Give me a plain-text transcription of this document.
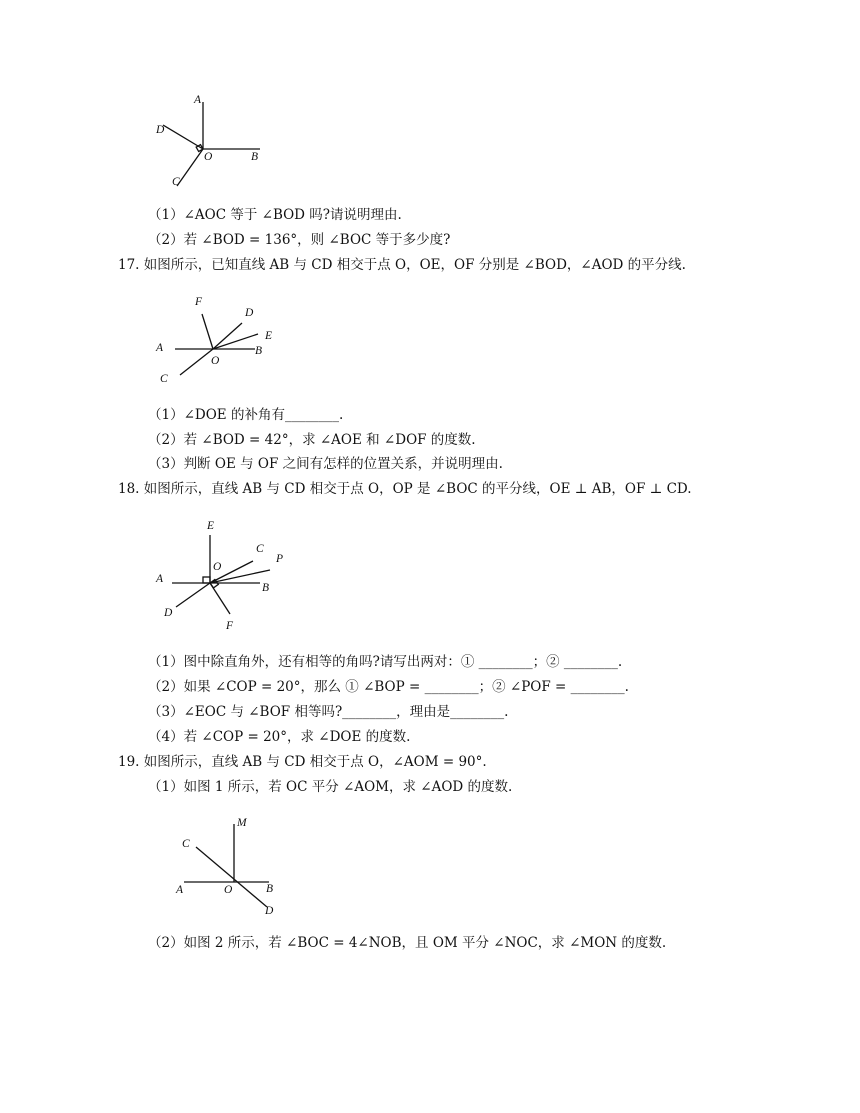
A
D
O	B
C
（1）∠AOC 等于 ∠BOD 吗?请说明理由.
（2）若 ∠BOD = 136°，则 ∠BOC 等于多少度?
17. 如图所示，已知直线 AB 与 CD 相交于点 O，OE，OF 分别是 ∠BOD，∠AOD 的平分线.
F
D
E
A	B
O
C
（1）∠DOE 的补角有________.
（2）若 ∠BOD = 42°，求 ∠AOE 和 ∠DOF 的度数.
（3）判断 OE 与 OF 之间有怎样的位置关系，并说明理由.
18. 如图所示，直线 AB 与 CD 相交于点 O，OP 是 ∠BOC 的平分线，OE ⊥ AB，OF ⊥ CD.
E
C
P
O
A
B
D
F
（1）图中除直角外，还有相等的角吗?请写出两对：① ________；② ________.
（2）如果 ∠COP = 20°，那么 ① ∠BOP = ________；② ∠POF = ________.
（3）∠EOC 与 ∠BOF 相等吗?________，理由是________.
（4）若 ∠COP = 20°，求 ∠DOE 的度数.
19. 如图所示，直线 AB 与 CD 相交于点 O，∠AOM = 90°.
（1）如图 1 所示，若 OC 平分 ∠AOM，求 ∠AOD 的度数.
M
C
A	O	B
D
（2）如图 2 所示，若 ∠BOC = 4∠NOB，且 OM 平分 ∠NOC，求 ∠MON 的度数.
